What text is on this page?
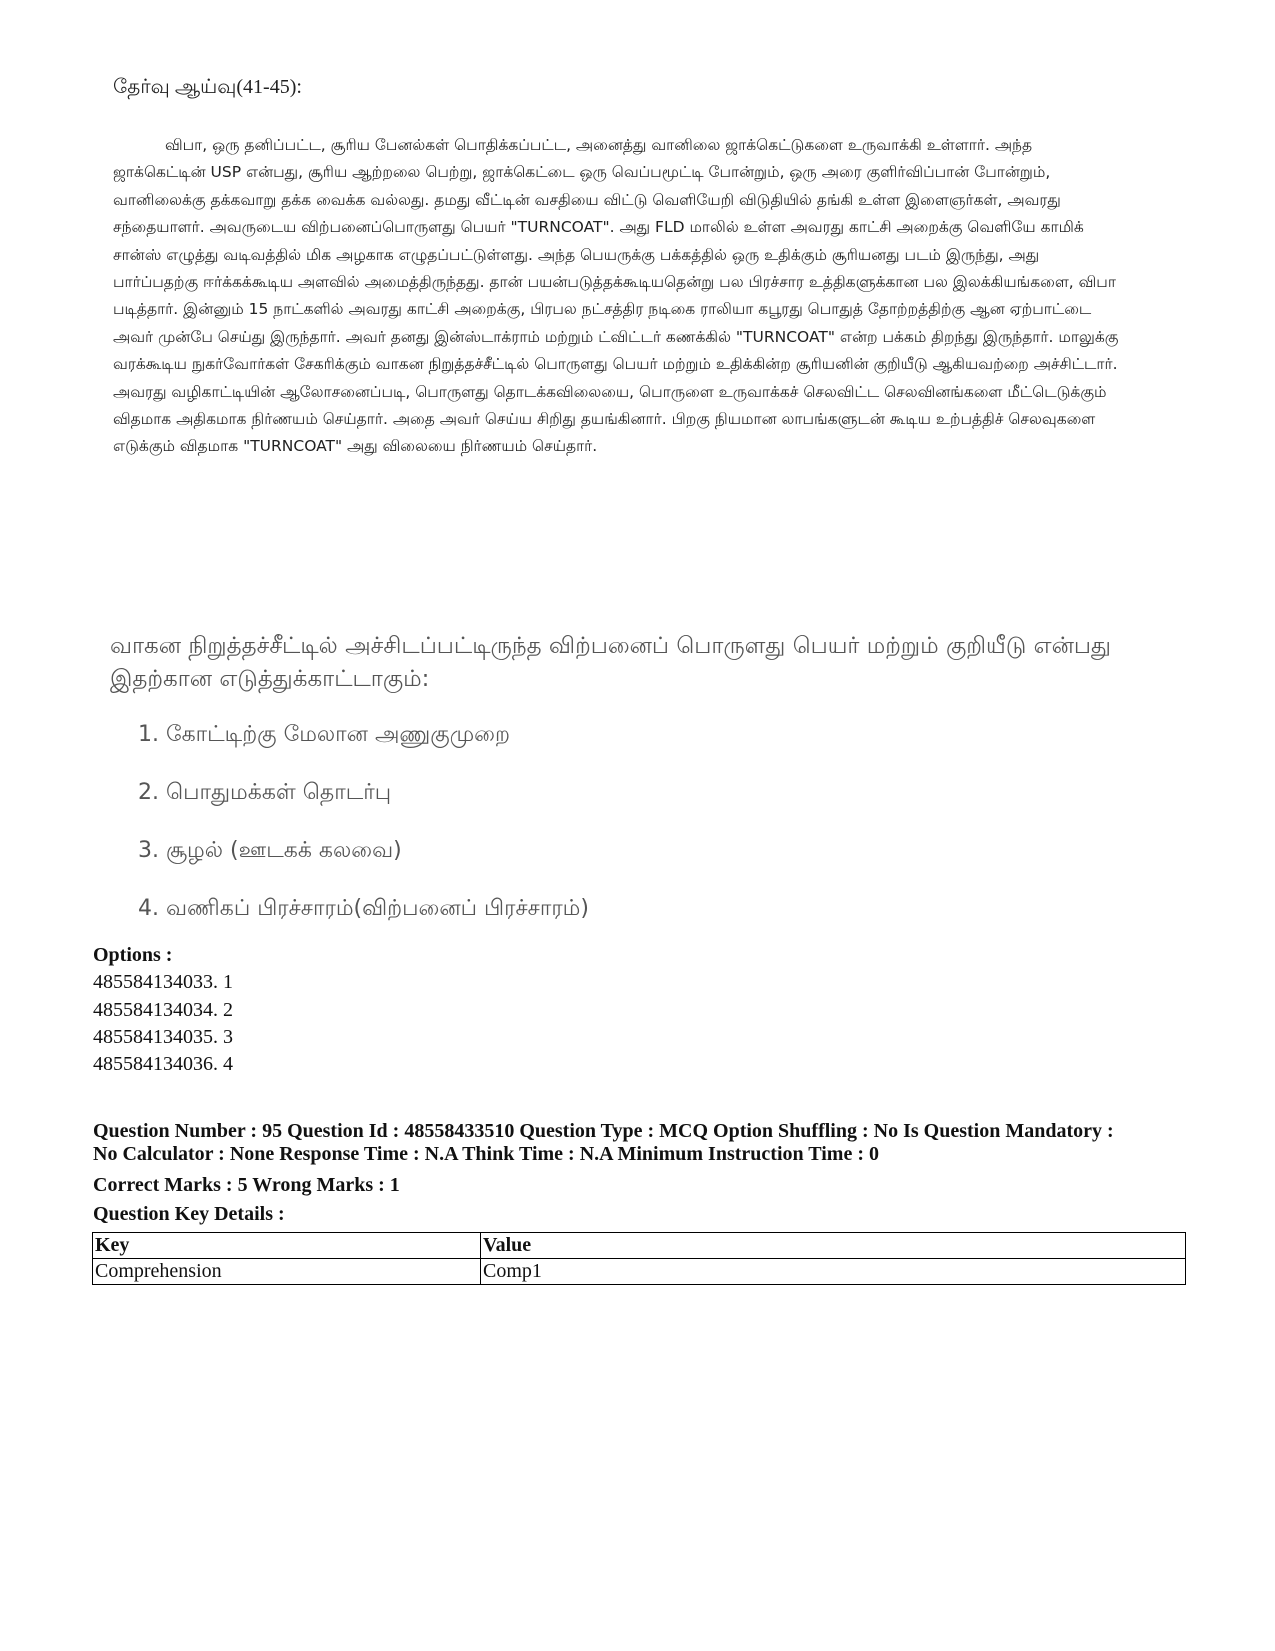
தேர்வு ஆய்வு(41-45):

விபா, ஒரு தனிப்பட்ட, சூரிய பேனல்கள் பொதிக்கப்பட்ட, அனைத்து வானிலை ஜாக்கெட்டுகளை உருவாக்கி உள்ளார். அந்த ஜாக்கெட்டின் USP என்பது, சூரிய ஆற்றலை பெற்று, ஜாக்கெட்டை ஒரு வெப்பமூட்டி போன்றும், ஒரு அரை குளிர்விப்பான் போன்றும், வானிலைக்கு தக்கவாறு தக்க வைக்க வல்லது. தமது வீட்டின் வசதியை விட்டு வெளியேறி விடுதியில் தங்கி உள்ள இளைஞர்கள், அவரது சந்தையாளர். அவருடைய விற்பனைப்பொருளது பெயர் "TURNCOAT". அது FLD மாலில் உள்ள அவரது காட்சி அறைக்கு வெளியே காமிக் சான்ஸ் எழுத்து வடிவத்தில் மிக அழகாக எழுதப்பட்டுள்ளது. அந்த பெயருக்கு பக்கத்தில் ஒரு உதிக்கும் சூரியனது படம் இருந்து, அது பார்ப்பதற்கு ஈர்க்கக்கூடிய அளவில் அமைத்திருந்தது. தான் பயன்படுத்தக்கூடியதென்று பல பிரச்சார உத்திகளுக்கான பல இலக்கியங்களை, விபா படித்தார். இன்னும் 15 நாட்களில் அவரது காட்சி அறைக்கு, பிரபல நட்சத்திர நடிகை ராலியா கபூரது பொதுத் தோற்றத்திற்கு ஆன ஏற்பாட்டை அவர் முன்பே செய்து இருந்தார். அவர் தனது இன்ஸ்டாக்ராம் மற்றும் ட்விட்டர் கணக்கில் "TURNCOAT" என்ற பக்கம் திறந்து இருந்தார். மாலுக்கு வரக்கூடிய நுகர்வோர்கள் சேகரிக்கும் வாகன நிறுத்தச்சீட்டில் பொருளது பெயர் மற்றும் உதிக்கின்ற சூரியனின் குறியீடு ஆகியவற்றை அச்சிட்டார். அவரது வழிகாட்டியின் ஆலோசனைப்படி, பொருளது தொடக்கவிலையை, பொருளை உருவாக்கச் செலவிட்ட செலவினங்களை மீட்டெடுக்கும் விதமாக அதிகமாக நிர்ணயம் செய்தார். அதை அவர் செய்ய சிறிது தயங்கினார். பிறகு நியமான லாபங்களுடன் கூடிய உற்பத்திச் செலவுகளை எடுக்கும் விதமாக "TURNCOAT" அது விலையை நிர்ணயம் செய்தார்.

வாகன நிறுத்தச்சீட்டில் அச்சிடப்பட்டிருந்த விற்பனைப் பொருளது பெயர் மற்றும் குறியீடு என்பது இதற்கான எடுத்துக்காட்டாகும்:
1. கோட்டிற்கு மேலான அணுகுமுறை
2. பொதுமக்கள் தொடர்பு
3. சூழல் (ஊடகக் கலவை)
4. வணிகப் பிரச்சாரம்(விற்பனைப் பிரச்சாரம்)
Options :
485584134033. 1
485584134034. 2
485584134035. 3
485584134036. 4
Question Number : 95 Question Id : 48558433510 Question Type : MCQ Option Shuffling : No Is Question Mandatory :
No Calculator : None Response Time : N.A Think Time : N.A Minimum Instruction Time : 0
Correct Marks : 5 Wrong Marks : 1
Question Key Details :
Key	Value
Comprehension	Comp1
